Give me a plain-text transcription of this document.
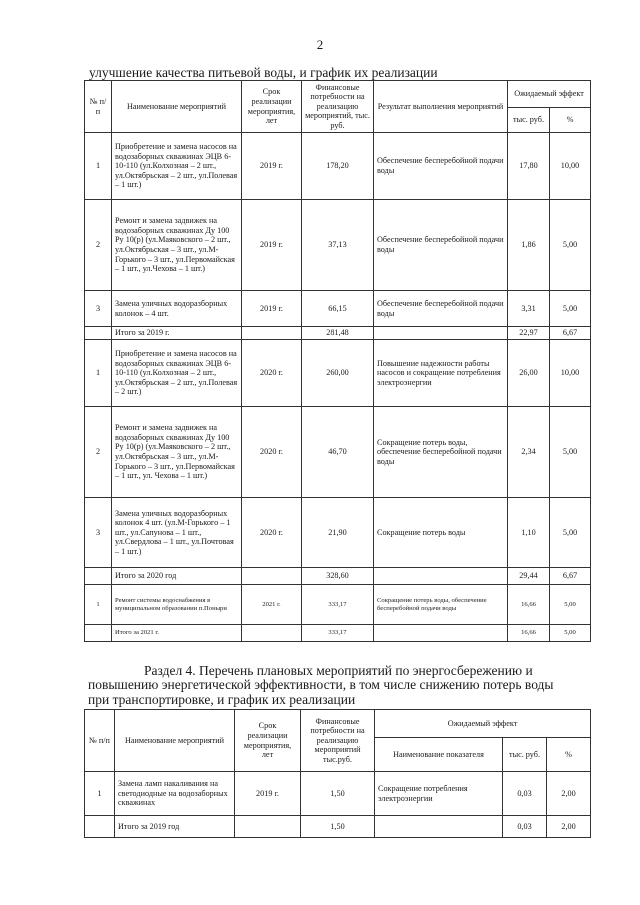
2
улучшение качества питьевой воды, и график их реализации
№ п/п	Наименование мероприятий	Срок реализации мероприятия, лет	Финансовые потребности на реализацию мероприятий, тыс. руб.	Результат выполнения мероприятий	Ожидаемый эффект	
					тыс. руб.	%
1	Приобретение и замена насосов на водозаборных скважинах ЭЦВ 6-10-110 (ул.Колхозная – 2 шт., ул.Октябрьская – 2 шт., ул.Полевая – 1 шт.)	2019 г.	178,20	Обеспечение бесперебойной подачи воды	17,80	10,00
2	Ремонт и замена задвижек на водозаборных скважинах Ду 100 Ру 10(р) (ул.Маяковского – 2 шт., ул.Октябрьская – 3 шт., ул.М-Горького – 3 шт., ул.Первомайская – 1 шт., ул.Чехова – 1 шт.)	2019 г.	37,13	Обеспечение бесперебойной подачи воды	1,86	5,00
3	Замена уличных водоразборных колонок – 4 шт.	2019 г.	66,15	Обеспечение бесперебойной подачи воды	3,31	5,00
	Итого за 2019 г.		281,48		22,97	6,67
1	Приобретение и замена насосов на водозаборных скважинах ЭЦВ 6-10-110 (ул.Колхозная – 2 шт., ул.Октябрьская – 2 шт., ул.Полевая – 2 шт.)	2020 г.	260,00	Повышение надежности работы насосов и сокращение потребления электроэнергии	26,00	10,00
2	Ремонт и замена задвижек на водозаборных скважинах Ду 100 Ру 10(р) (ул.Маяковского – 2 шт., ул.Октябрьская – 3 шт., ул.М-Горького – 3 шт., ул.Первомайская – 1 шт., ул. Чехова – 1 шт.)	2020 г.	46,70	Сокращение потерь воды, обеспечение бесперебойной подачи воды	2,34	5,00
3	Замена уличных водоразборных колонок 4 шт. (ул.М-Горького – 1 шт., ул.Сапунова – 1 шт., ул.Свердлова – 1 шт., ул.Почтовая – 1 шт.)	2020 г.	21,90	Сокращение потерь воды	1,10	5,00
	Итого за 2020 год		328,60		29,44	6,67
1	Ремонт системы водоснабжения в муниципальном образовании п.Поныри	2021 г.	333,17	Сокращение потерь воды, обеспечение бесперебойной подачи воды	16,66	5,00
	Итого за 2021 г.		333,17		16,66	5,00
Раздел 4. Перечень плановых мероприятий по энергосбережению и
повышению энергетической эффективности, в том числе снижению потерь воды
при транспортировке, и график их реализации
№ п/п	Наименование мероприятий	Срок реализации мероприятия, лет	Финансовые потребности на реализацию мероприятий тыс.руб.	Ожидаемый эффект		
				Наименование показателя	тыс. руб.	%
1	Замена ламп накаливания на светодиодные на водозаборных скважинах	2019 г.	1,50	Сокращение потребления электроэнергии	0,03	2,00
	Итого за 2019 год		1,50		0,03	2,00
